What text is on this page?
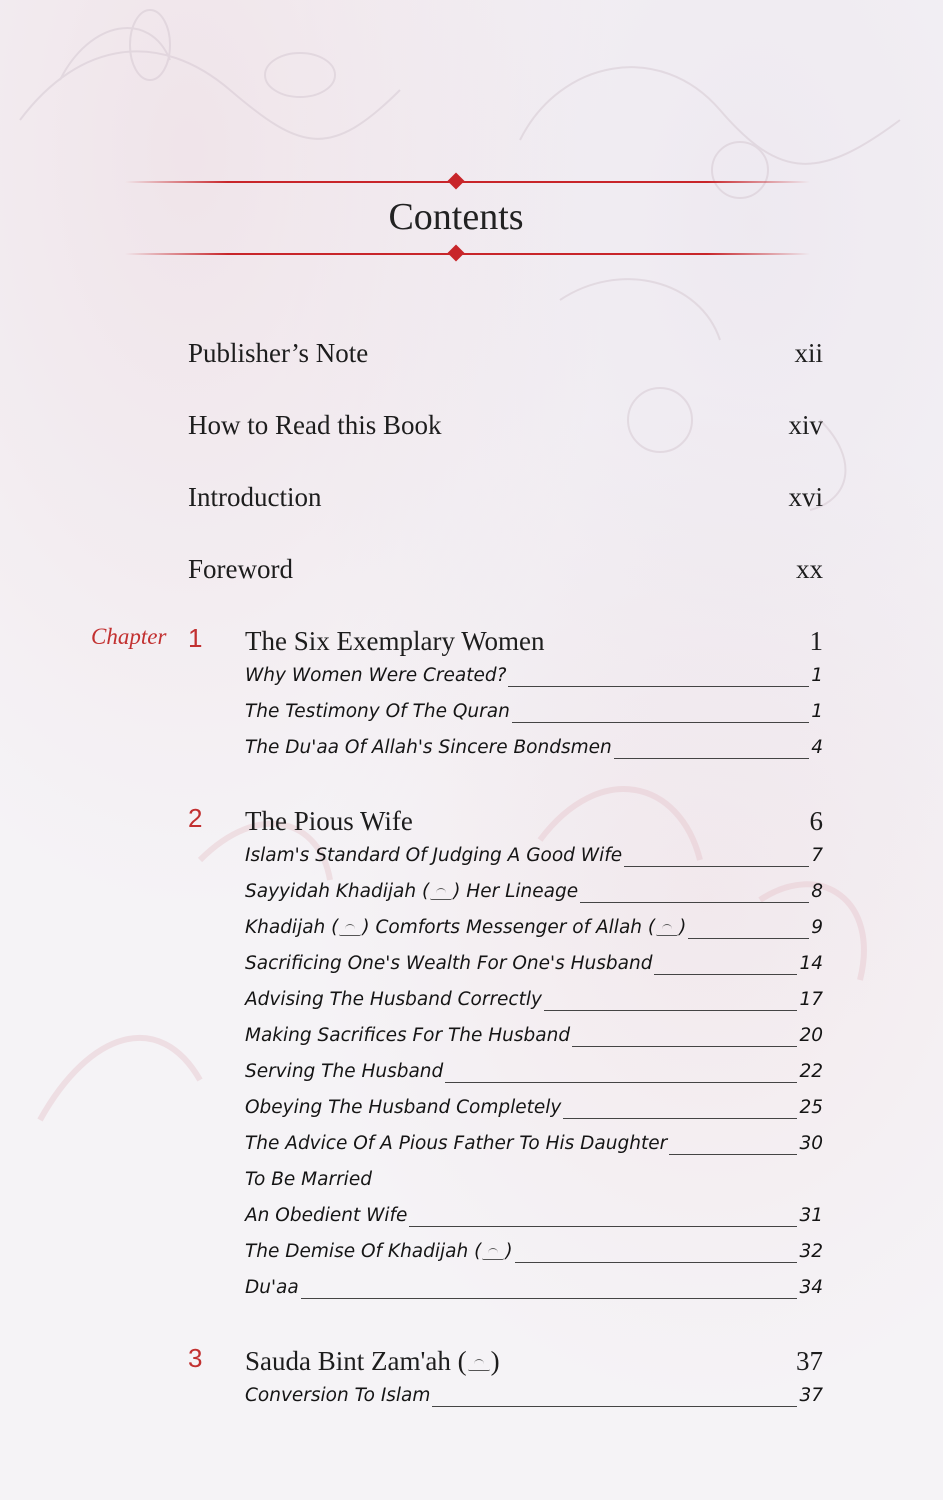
Contents
Publisher’s Note	xii
How to Read this Book	xiv
Introduction	xvi
Foreword	xx
Chapter 1	The Six Exemplary Women	1
Why Women Were Created?	1
The Testimony Of The Quran	1
The Du'aa Of Allah's Sincere Bondsmen	4
2	The Pious Wife	6
Islam's Standard Of Judging A Good Wife	7
Sayyidah Khadijah ( ) Her Lineage	8
Khadijah ( ) Comforts Messenger of Allah ( )	9
Sacrificing One's Wealth For One's Husband	14
Advising The Husband Correctly	17
Making Sacrifices For The Husband	20
Serving The Husband	22
Obeying The Husband Completely	25
The Advice Of A Pious Father To His Daughter	30
To Be Married
An Obedient Wife	31
The Demise Of Khadijah ( )	32
Du'aa	34
3	Sauda Bint Zam'ah ( )	37
Conversion To Islam	37
